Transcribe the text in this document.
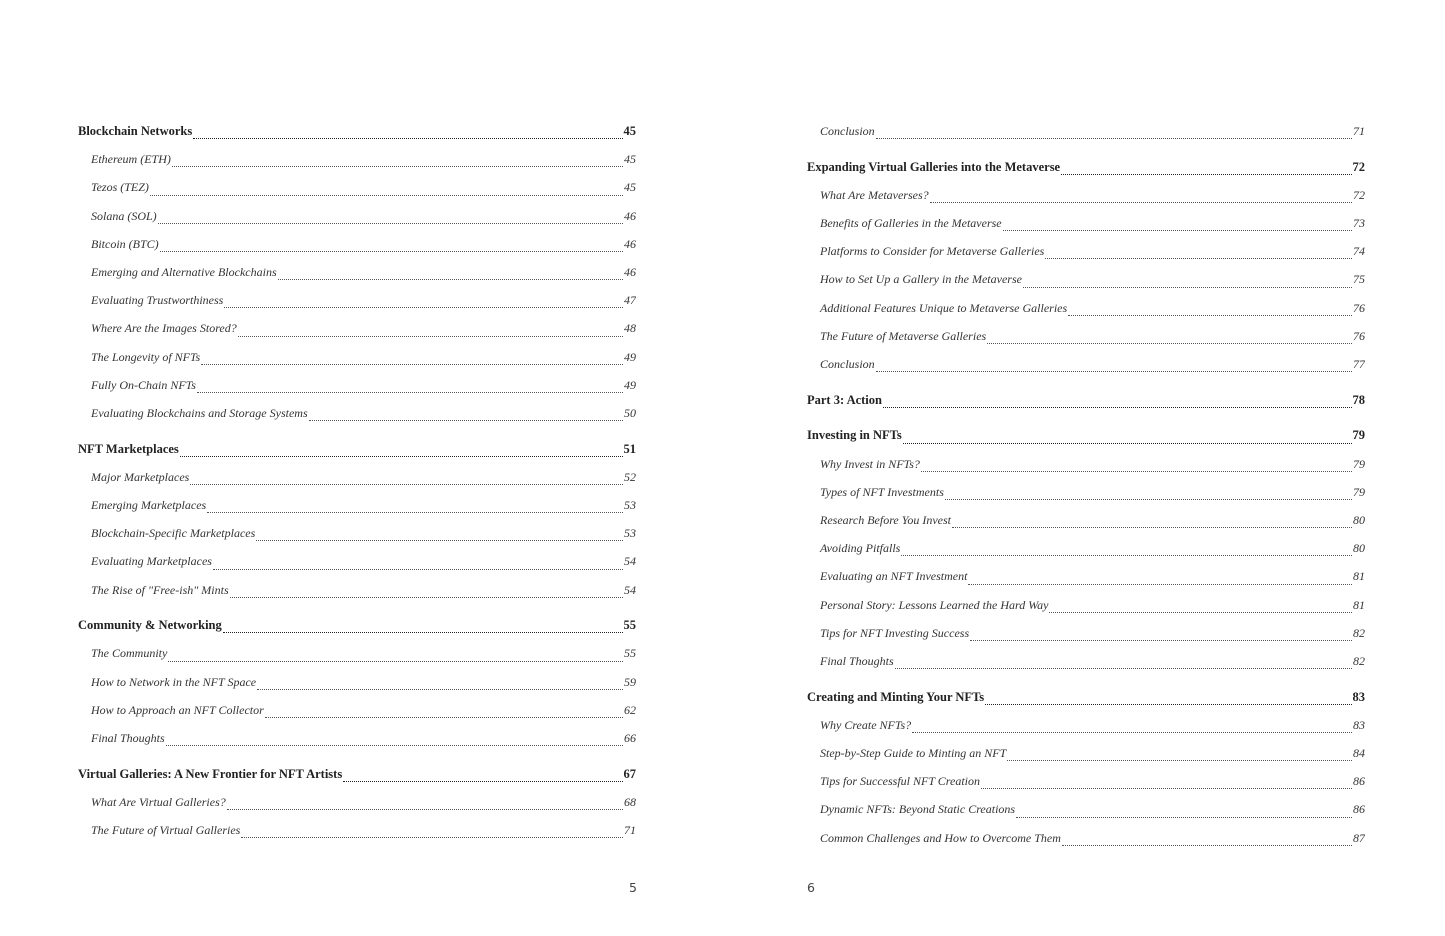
Blockchain Networks	45
Ethereum (ETH)	45
Tezos (TEZ)	45
Solana (SOL)	46
Bitcoin (BTC)	46
Emerging and Alternative Blockchains	46
Evaluating Trustworthiness	47
Where Are the Images Stored?	48
The Longevity of NFTs	49
Fully On-Chain NFTs	49
Evaluating Blockchains and Storage Systems	50
NFT Marketplaces	51
Major Marketplaces	52
Emerging Marketplaces	53
Blockchain-Specific Marketplaces	53
Evaluating Marketplaces	54
The Rise of "Free-ish" Mints	54
Community & Networking	55
The Community	55
How to Network in the NFT Space	59
How to Approach an NFT Collector	62
Final Thoughts	66
Virtual Galleries: A New Frontier for NFT Artists	67
What Are Virtual Galleries?	68
The Future of Virtual Galleries	71
5
Conclusion	71
Expanding Virtual Galleries into the Metaverse	72
What Are Metaverses?	72
Benefits of Galleries in the Metaverse	73
Platforms to Consider for Metaverse Galleries	74
How to Set Up a Gallery in the Metaverse	75
Additional Features Unique to Metaverse Galleries	76
The Future of Metaverse Galleries	76
Conclusion	77
Part 3: Action	78
Investing in NFTs	79
Why Invest in NFTs?	79
Types of NFT Investments	79
Research Before You Invest	80
Avoiding Pitfalls	80
Evaluating an NFT Investment	81
Personal Story: Lessons Learned the Hard Way	81
Tips for NFT Investing Success	82
Final Thoughts	82
Creating and Minting Your NFTs	83
Why Create NFTs?	83
Step-by-Step Guide to Minting an NFT	84
Tips for Successful NFT Creation	86
Dynamic NFTs: Beyond Static Creations	86
Common Challenges and How to Overcome Them	87
6
